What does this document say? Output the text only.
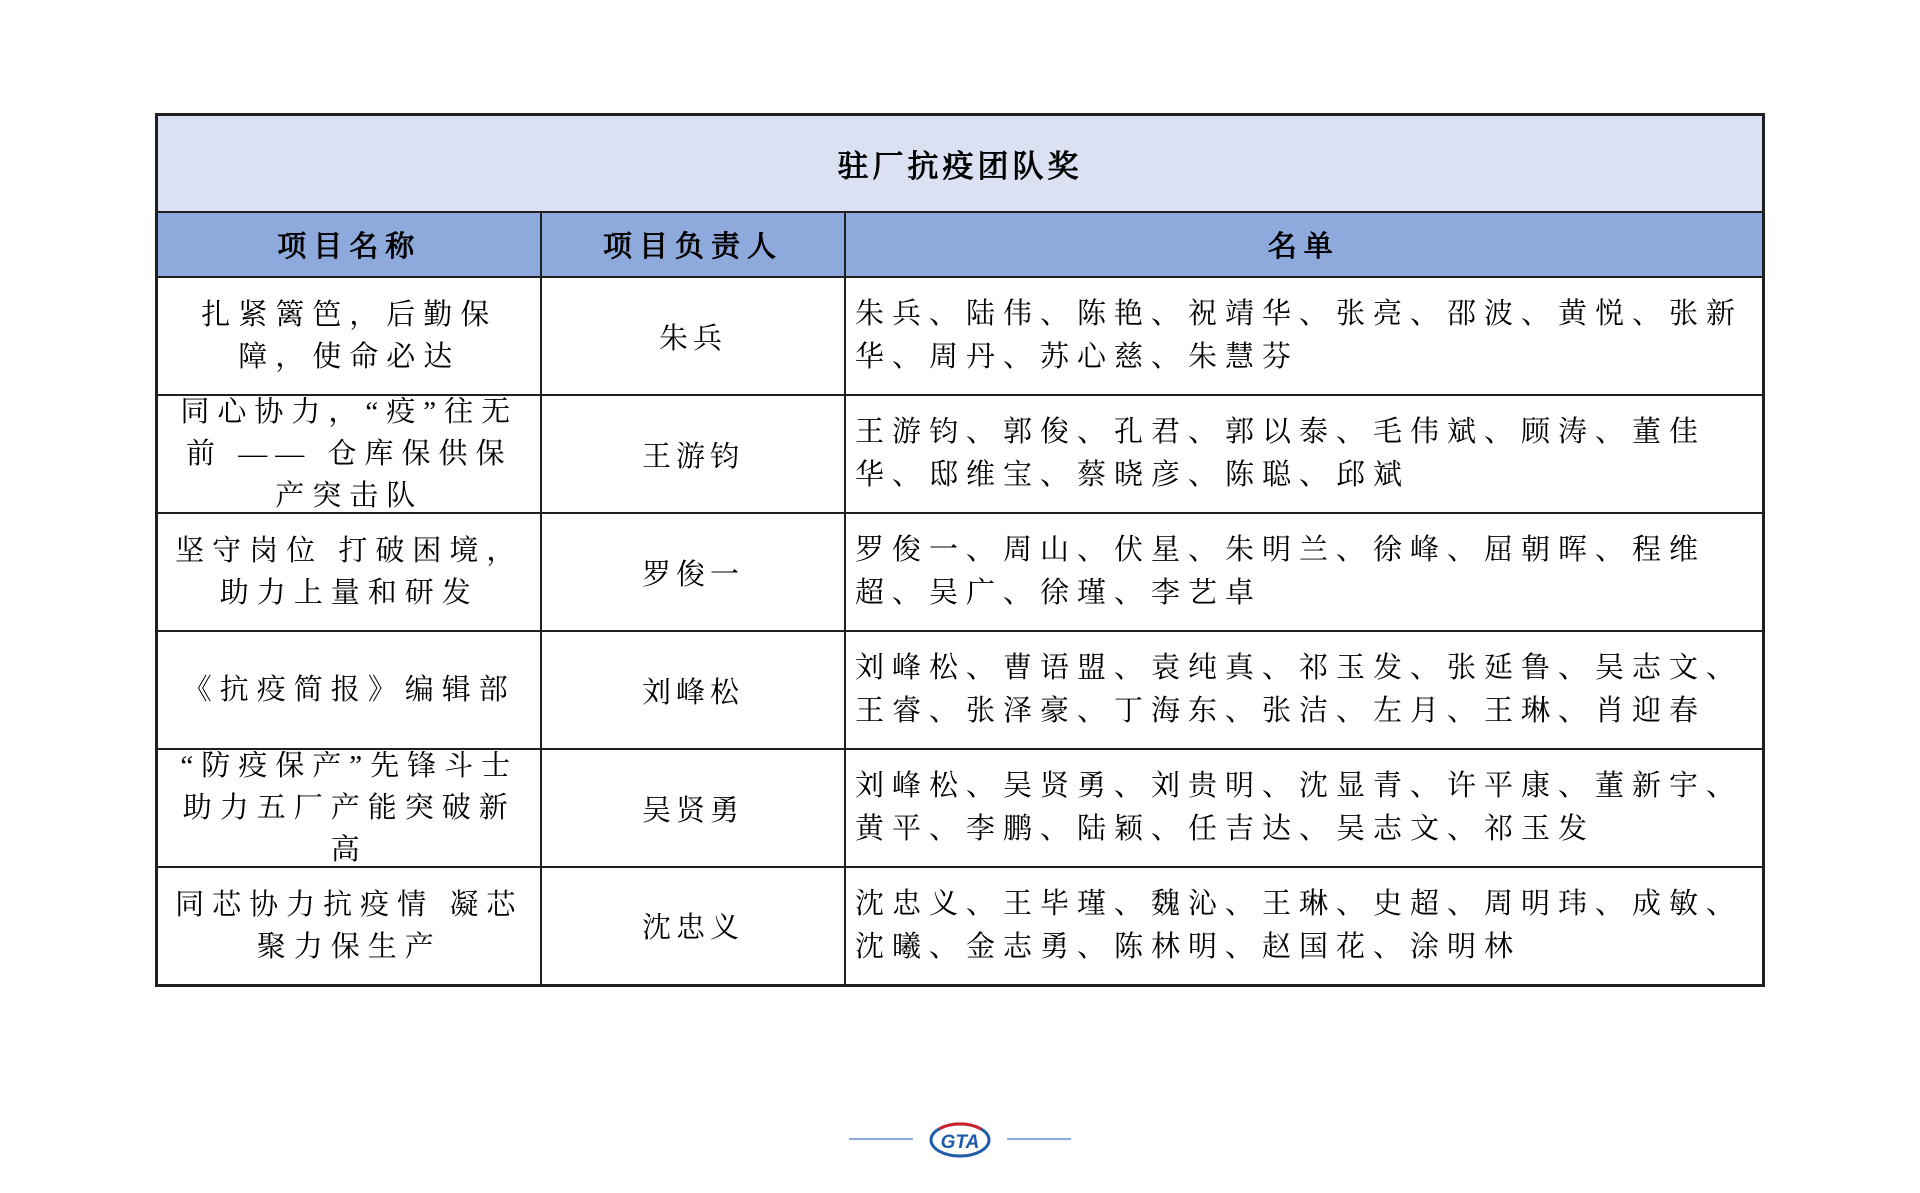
驻厂抗疫团队奖		
项目名称	项目负责人	名单

扎紧篱笆，后勤保障，使命必达	朱兵	朱兵、陆伟、陈艳、祝靖华、张亮、邵波、黄悦、张新华、周丹、苏心慈、朱慧芬

同心协力，“疫”往无前 —— 仓库保供保产突击队	王游钧	王游钧、郭俊、孔君、郭以泰、毛伟斌、顾涛、董佳华、邸维宝、蔡晓彦、陈聪、邱斌

坚守岗位 打破困境，助力上量和研发	罗俊一	罗俊一、周山、伏星、朱明兰、徐峰、屈朝晖、程维超、吴广、徐瑾、李艺卓

《抗疫简报》编辑部	刘峰松	刘峰松、曹语盟、袁纯真、祁玉发、张延鲁、吴志文、王睿、张泽豪、丁海东、张洁、左月、王琳、肖迎春

“防疫保产”先锋斗士助力五厂产能突破新高	吴贤勇	刘峰松、吴贤勇、刘贵明、沈显青、许平康、董新宇、黄平、李鹏、陆颖、任吉达、吴志文、祁玉发

同芯协力抗疫情 凝芯聚力保生产	沈忠义	沈忠义、王毕瑾、魏沁、王琳、史超、周明玮、成敏、沈曦、金志勇、陈林明、赵国花、涂明林
GTA
